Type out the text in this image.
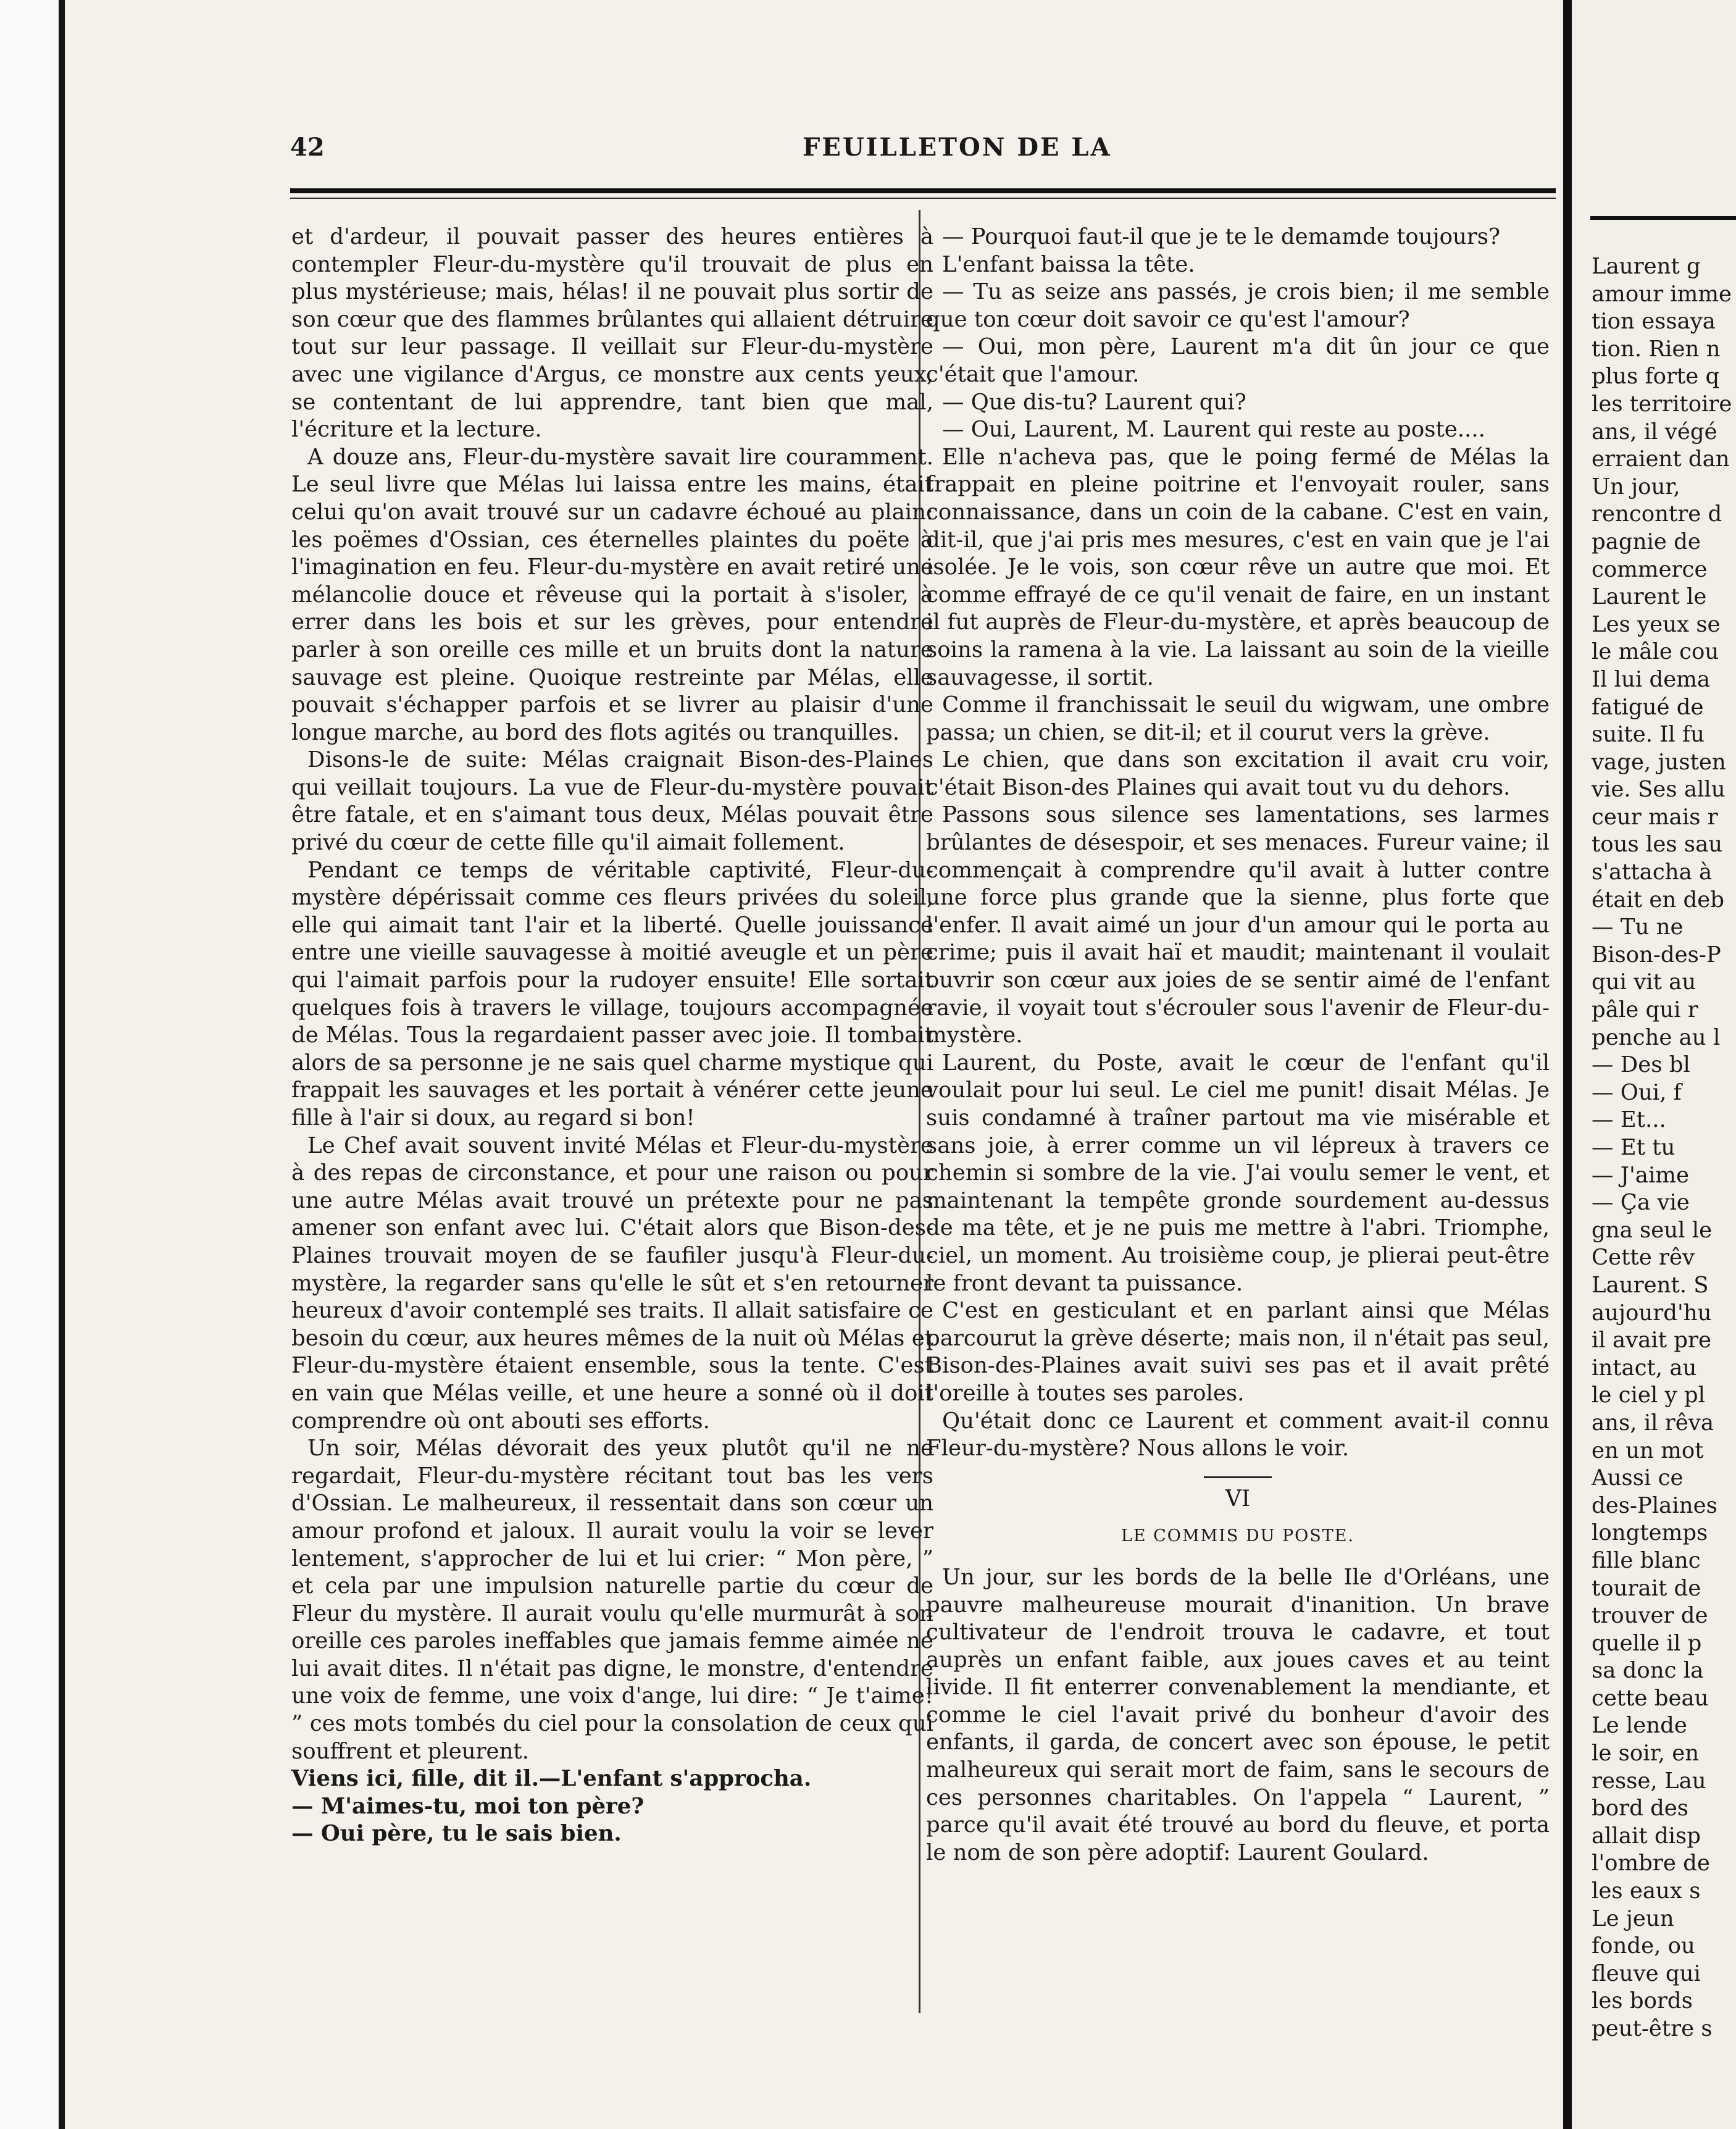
42	FEUILLETON DE LA

et d'ardeur, il pouvait passer des heures entières à contempler Fleur-du-mystère qu'il trouvait de plus en plus mystérieuse; mais, hélas! il ne pouvait plus sortir de son cœur que des flammes brûlantes qui allaient détruire tout sur leur passage. Il veillait sur Fleur-du-mystère avec une vigilance d'Argus, ce monstre aux cents yeux, se contentant de lui apprendre, tant bien que mal, l'écriture et la lecture.

A douze ans, Fleur-du-mystère savait lire couramment. Le seul livre que Mélas lui laissa entre les mains, était celui qu'on avait trouvé sur un cadavre échoué au plain: les poëmes d'Ossian, ces éternelles plaintes du poëte à l'imagination en feu. Fleur-du-mystère en avait retiré une mélancolie douce et rêveuse qui la portait à s'isoler, à errer dans les bois et sur les grèves, pour entendre parler à son oreille ces mille et un bruits dont la nature sauvage est pleine. Quoique restreinte par Mélas, elle pouvait s'échapper parfois et se livrer au plaisir d'une longue marche, au bord des flots agités ou tranquilles.

Disons-le de suite: Mélas craignait Bison-des-Plaines qui veillait toujours. La vue de Fleur-du-mystère pouvait être fatale, et en s'aimant tous deux, Mélas pouvait être privé du cœur de cette fille qu'il aimait follement.

Pendant ce temps de véritable captivité, Fleur-du-mystère dépérissait comme ces fleurs privées du soleil, elle qui aimait tant l'air et la liberté. Quelle jouissance entre une vieille sauvagesse à moitié aveugle et un père qui l'aimait parfois pour la rudoyer ensuite! Elle sortait quelques fois à travers le village, toujours accompagnée de Mélas. Tous la regardaient passer avec joie. Il tombait alors de sa personne je ne sais quel charme mystique qui frappait les sauvages et les portait à vénérer cette jeune fille à l'air si doux, au regard si bon!

Le Chef avait souvent invité Mélas et Fleur-du-mystère à des repas de circonstance, et pour une raison ou pour une autre Mélas avait trouvé un prétexte pour ne pas amener son enfant avec lui. C'était alors que Bison-des-Plaines trouvait moyen de se faufiler jusqu'à Fleur-du-mystère, la regarder sans qu'elle le sût et s'en retourner heureux d'avoir contemplé ses traits. Il allait satisfaire ce besoin du cœur, aux heures mêmes de la nuit où Mélas et Fleur-du-mystère étaient ensemble, sous la tente. C'est en vain que Mélas veille, et une heure a sonné où il doit comprendre où ont abouti ses efforts.

Un soir, Mélas dévorait des yeux plutôt qu'il ne ne regardait, Fleur-du-mystère récitant tout bas les vers d'Ossian. Le malheureux, il ressentait dans son cœur un amour profond et jaloux. Il aurait voulu la voir se lever lentement, s'approcher de lui et lui crier: “ Mon père, ” et cela par une impulsion naturelle partie du cœur de Fleur du mystère. Il aurait voulu qu'elle murmurât à son oreille ces paroles ineffables que jamais femme aimée ne lui avait dites. Il n'était pas digne, le monstre, d'entendre une voix de femme, une voix d'ange, lui dire: “ Je t'aime! ” ces mots tombés du ciel pour la consolation de ceux qui souffrent et pleurent.

Viens ici, fille, dit il.—L'enfant s'approcha.

— M'aimes-tu, moi ton père?

— Oui père, tu le sais bien.

— Pourquoi faut-il que je te le demamde toujours?

L'enfant baissa la tête.

— Tu as seize ans passés, je crois bien; il me semble que ton cœur doit savoir ce qu'est l'amour?

— Oui, mon père, Laurent m'a dit ûn jour ce que c'était que l'amour.

— Que dis-tu? Laurent qui?

— Oui, Laurent, M. Laurent qui reste au poste....

Elle n'acheva pas, que le poing fermé de Mélas la frappait en pleine poitrine et l'envoyait rouler, sans connaissance, dans un coin de la cabane. C'est en vain, dit-il, que j'ai pris mes mesures, c'est en vain que je l'ai isolée. Je le vois, son cœur rêve un autre que moi. Et comme effrayé de ce qu'il venait de faire, en un instant il fut auprès de Fleur-du-mystère, et après beaucoup de soins la ramena à la vie. La laissant au soin de la vieille sauvagesse, il sortit.

Comme il franchissait le seuil du wigwam, une ombre passa; un chien, se dit-il; et il courut vers la grève.

Le chien, que dans son excitation il avait cru voir, c'était Bison-des Plaines qui avait tout vu du dehors.

Passons sous silence ses lamentations, ses larmes brûlantes de désespoir, et ses menaces. Fureur vaine; il commençait à comprendre qu'il avait à lutter contre une force plus grande que la sienne, plus forte que l'enfer. Il avait aimé un jour d'un amour qui le porta au crime; puis il avait haï et maudit; maintenant il voulait ouvrir son cœur aux joies de se sentir aimé de l'enfant ravie, il voyait tout s'écrouler sous l'avenir de Fleur-du-mystère.

Laurent, du Poste, avait le cœur de l'enfant qu'il voulait pour lui seul. Le ciel me punit! disait Mélas. Je suis condamné à traîner partout ma vie misérable et sans joie, à errer comme un vil lépreux à travers ce chemin si sombre de la vie. J'ai voulu semer le vent, et maintenant la tempête gronde sourdement au-dessus de ma tête, et je ne puis me mettre à l'abri. Triomphe, ciel, un moment. Au troisième coup, je plierai peut-être le front devant ta puissance.

C'est en gesticulant et en parlant ainsi que Mélas parcourut la grève déserte; mais non, il n'était pas seul, Bison-des-Plaines avait suivi ses pas et il avait prêté l'oreille à toutes ses paroles.

Qu'était donc ce Laurent et comment avait-il connu Fleur-du-mystère? Nous allons le voir.

VI
LE COMMIS DU POSTE.

Un jour, sur les bords de la belle Ile d'Orléans, une pauvre malheureuse mourait d'inanition. Un brave cultivateur de l'endroit trouva le cadavre, et tout auprès un enfant faible, aux joues caves et au teint livide. Il fit enterrer convenablement la mendiante, et comme le ciel l'avait privé du bonheur d'avoir des enfants, il garda, de concert avec son épouse, le petit malheureux qui serait mort de faim, sans le secours de ces personnes charitables. On l'appela “ Laurent, ” parce qu'il avait été trouvé au bord du fleuve, et porta le nom de son père adoptif: Laurent Goulard.

Laurent g
amour imme
tion essaya
tion. Rien n
plus forte q
les territoire
ans, il végé
erraient dan
Un jour,
rencontre d
pagnie de
commerce
Laurent le
Les yeux se
le mâle cou
Il lui dema
fatigué de
suite. Il fu
vage, justen
vie. Ses allu
ceur mais r
tous les sau
s'attacha à
était en deb
— Tu ne
Bison-des-P
qui vit au
pâle qui r
penche au l
— Des bl
— Oui, f
— Et...
— Et tu
— J'aime
— Ça vie
gna seul le
Cette rêv
Laurent. S
aujourd'hu
il avait pre
intact, au
le ciel y pl
ans, il rêva
en un mot
Aussi ce
des-Plaines
longtemps
fille blanc
tourait de
trouver de
quelle il p
sa donc la
cette beau
Le lende
le soir, en
resse, Lau
bord des
allait disp
l'ombre de
les eaux s
Le jeun
fonde, ou
fleuve qui
les bords
peut-être s
